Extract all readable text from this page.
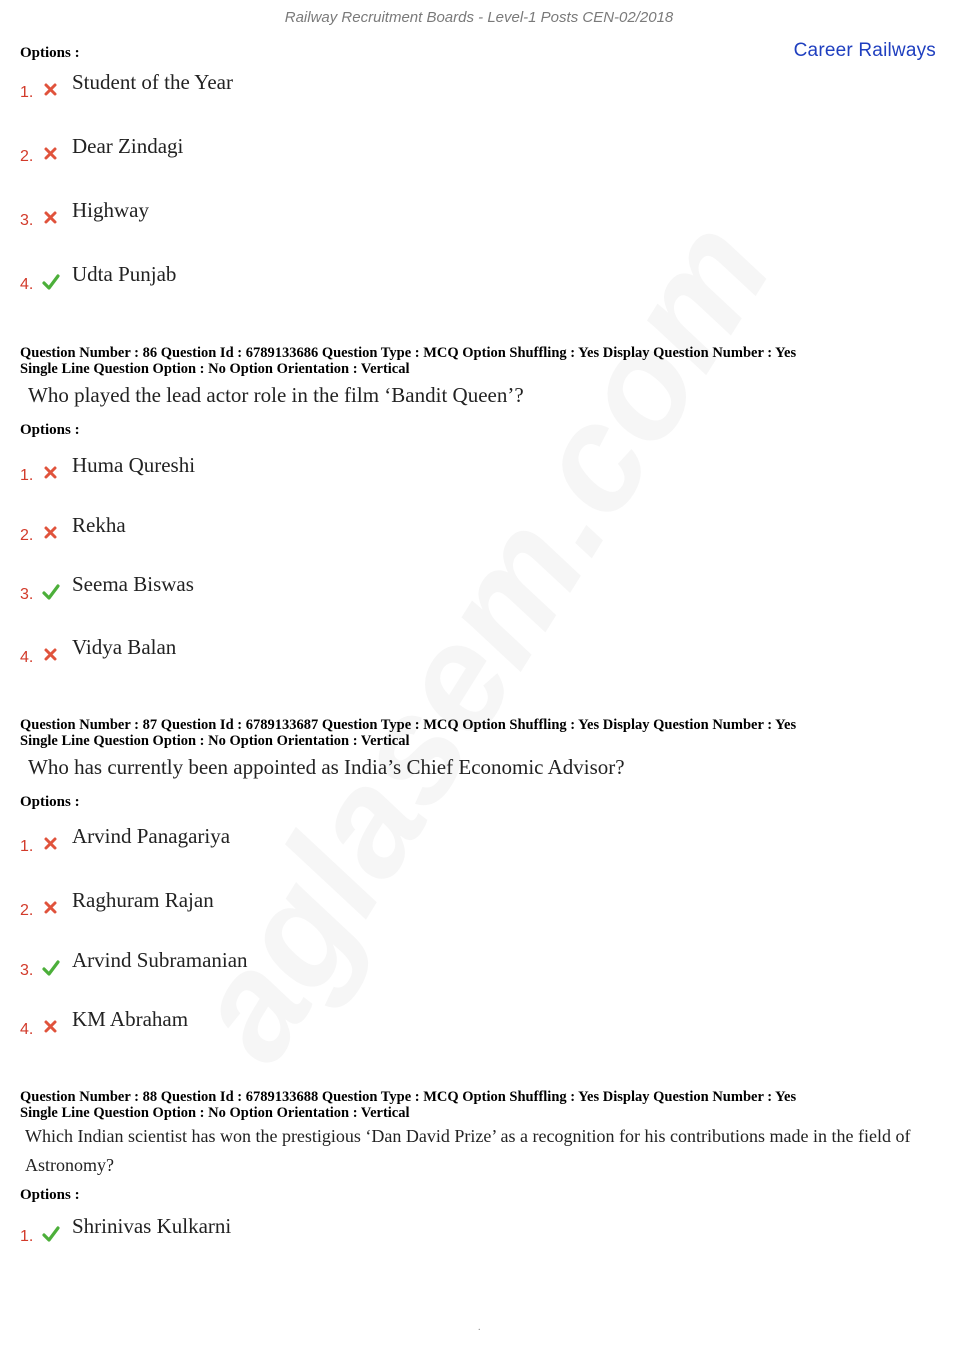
Railway Recruitment Boards - Level-1 Posts CEN-02/2018
Career Railways
Options :
1. Student of the Year
2. Dear Zindagi
3. Highway
4. Udta Punjab
Question Number : 86 Question Id : 6789133686 Question Type : MCQ Option Shuffling : Yes Display Question Number : Yes
Single Line Question Option : No Option Orientation : Vertical
Who played the lead actor role in the film ‘Bandit Queen’?
Options :
1. Huma Qureshi
2. Rekha
3. Seema Biswas
4. Vidya Balan
Question Number : 87 Question Id : 6789133687 Question Type : MCQ Option Shuffling : Yes Display Question Number : Yes
Single Line Question Option : No Option Orientation : Vertical
Who has currently been appointed as India’s Chief Economic Advisor?
Options :
1. Arvind Panagariya
2. Raghuram Rajan
3. Arvind Subramanian
4. KM Abraham
Question Number : 88 Question Id : 6789133688 Question Type : MCQ Option Shuffling : Yes Display Question Number : Yes
Single Line Question Option : No Option Orientation : Vertical
Which Indian scientist has won the prestigious ‘Dan David Prize’ as a recognition for his contributions made in the field of Astronomy?
Options :
1. Shrinivas Kulkarni
.
